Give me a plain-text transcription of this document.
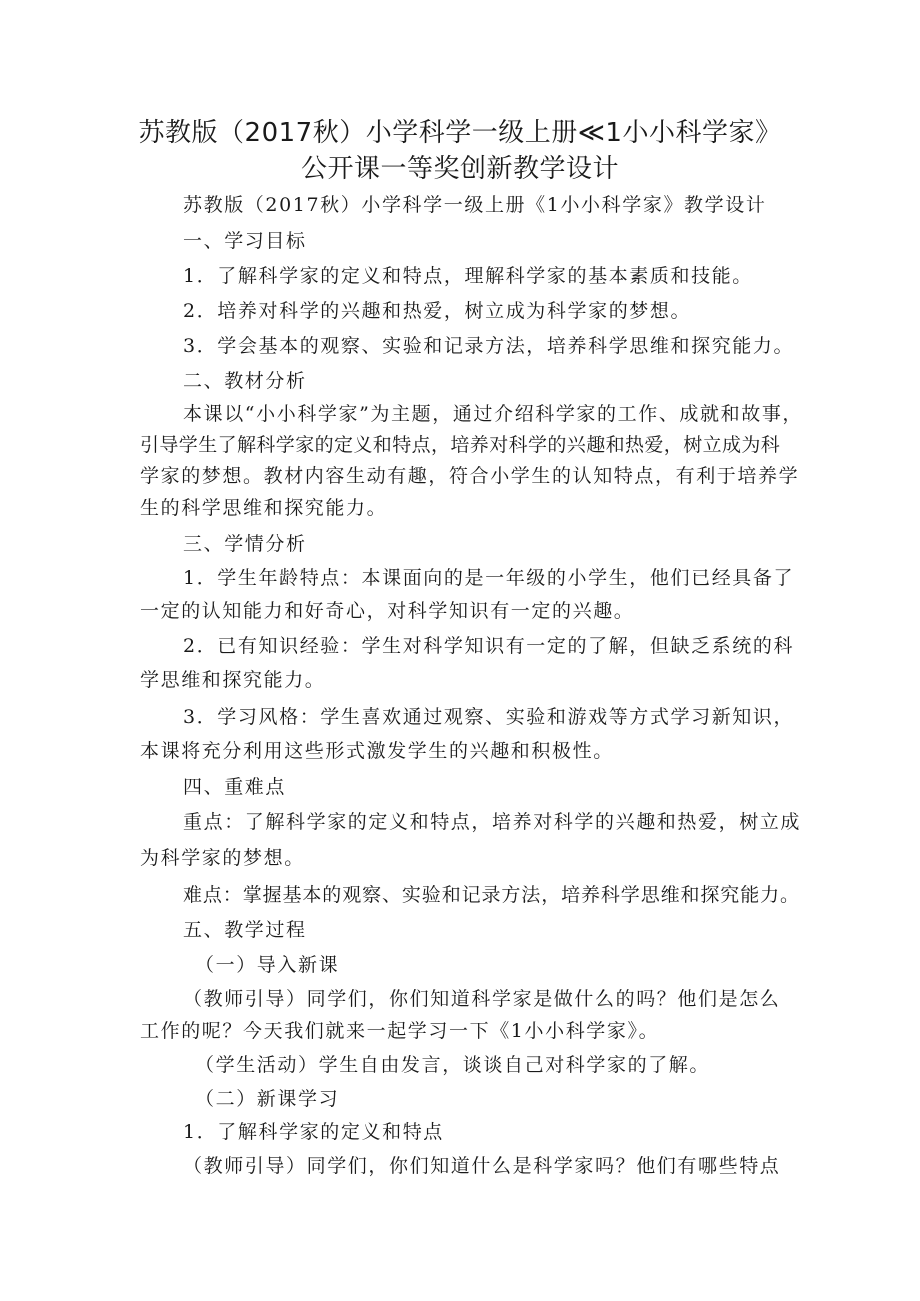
苏教版（2017秋）小学科学一级上册≪1小小科学家》
公开课一等奖创新教学设计

苏教版（2017秋）小学科学一级上册《1小小科学家》教学设计

一、学习目标

1．了解科学家的定义和特点，理解科学家的基本素质和技能。

2．培养对科学的兴趣和热爱，树立成为科学家的梦想。

3．学会基本的观察、实验和记录方法，培养科学思维和探究能力。

二、教材分析

本课以“小小科学家”为主题，通过介绍科学家的工作、成就和故事，

引导学生了解科学家的定义和特点，培养对科学的兴趣和热爱，树立成为科

学家的梦想。教材内容生动有趣，符合小学生的认知特点，有利于培养学

生的科学思维和探究能力。

三、学情分析

1．学生年龄特点：本课面向的是一年级的小学生，他们已经具备了

一定的认知能力和好奇心，对科学知识有一定的兴趣。

2．已有知识经验：学生对科学知识有一定的了解，但缺乏系统的科

学思维和探究能力。

3．学习风格：学生喜欢通过观察、实验和游戏等方式学习新知识，

本课将充分利用这些形式激发学生的兴趣和积极性。

四、重难点

重点：了解科学家的定义和特点，培养对科学的兴趣和热爱，树立成

为科学家的梦想。

难点：掌握基本的观察、实验和记录方法，培养科学思维和探究能力。

五、教学过程

（一）导入新课

（教师引导）同学们，你们知道科学家是做什么的吗？他们是怎么

工作的呢？今天我们就来一起学习一下《1小小科学家》。

（学生活动）学生自由发言，谈谈自己对科学家的了解。

（二）新课学习

1．了解科学家的定义和特点

（教师引导）同学们，你们知道什么是科学家吗？他们有哪些特点
